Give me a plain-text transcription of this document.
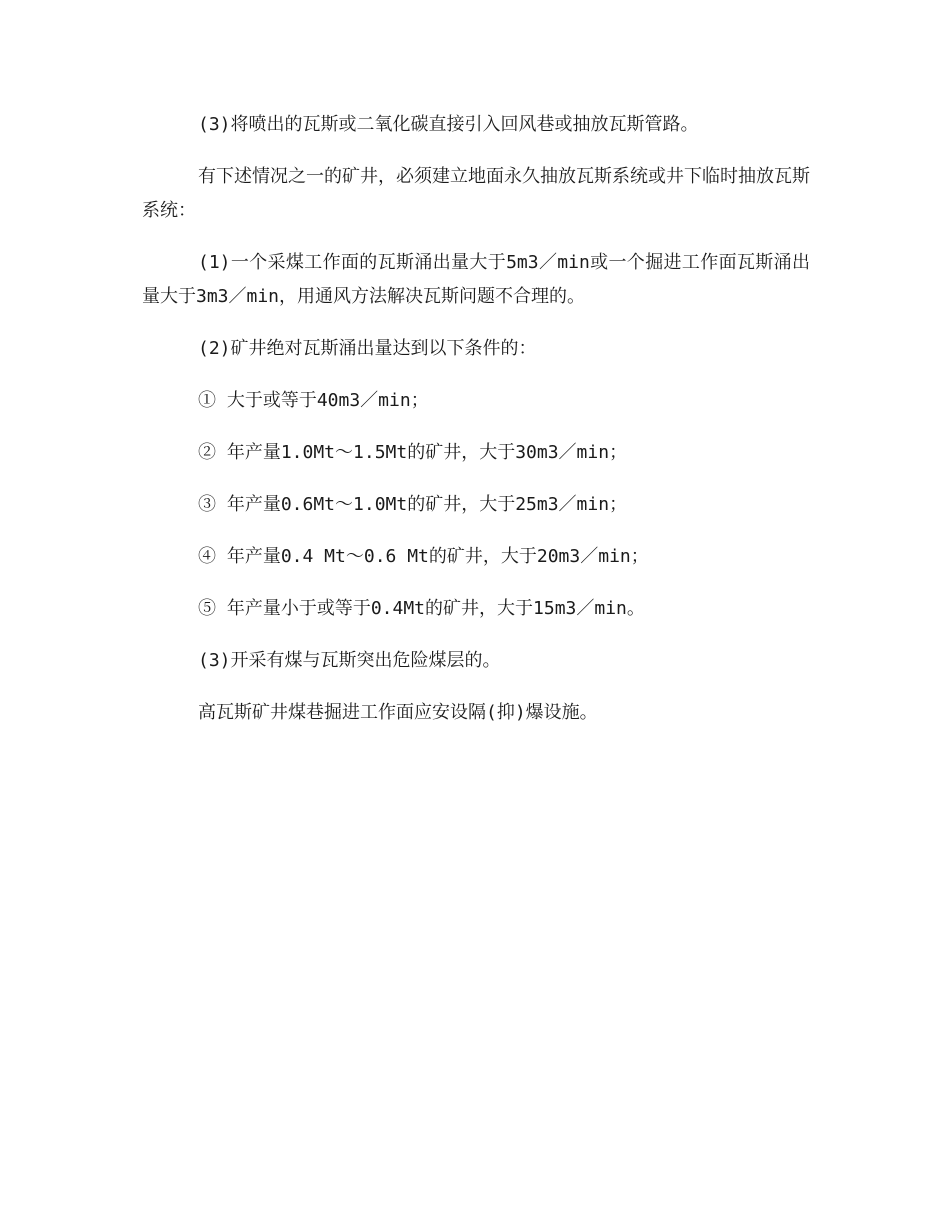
(3)将喷出的瓦斯或二氧化碳直接引入回风巷或抽放瓦斯管路。

有下述情况之一的矿井，必须建立地面永久抽放瓦斯系统或井下临时抽放瓦斯系统：

(1)一个采煤工作面的瓦斯涌出量大于5m3／min或一个掘进工作面瓦斯涌出量大于3m3／min，用通风方法解决瓦斯问题不合理的。

(2)矿井绝对瓦斯涌出量达到以下条件的：

① 大于或等于40m3／min；

② 年产量1.0Mt～1.5Mt的矿井，大于30m3／min；

③ 年产量0.6Mt～1.0Mt的矿井，大于25m3／min；

④ 年产量0.4 Mt～0.6 Mt的矿井，大于20m3／min；

⑤ 年产量小于或等于0.4Mt的矿井，大于15m3／min。

(3)开采有煤与瓦斯突出危险煤层的。

高瓦斯矿井煤巷掘进工作面应安设隔(抑)爆设施。
